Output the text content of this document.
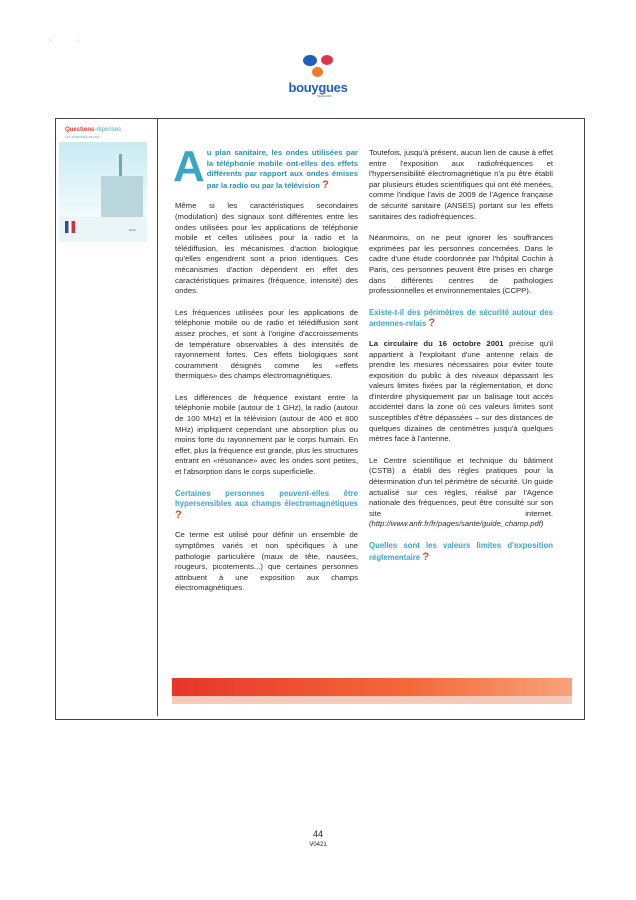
'	'
bouygues
TELECOM
Questions-réponses
LES ANTENNES-RELAIS
2012
A u plan sanitaire, les ondes utilisées par la téléphonie mobile ont-elles des effets différents par rapport aux ondes émises par la radio ou par la télévision ?

Même si les caractéristiques secondaires (modulation) des signaux sont différentes entre les ondes utilisées pour les applications de téléphonie mobile et celles utilisées pour la radio et la télédiffusion, les mécanismes d'action biologique qu'elles engendrent sont a priori identiques. Ces mécanismes d'action dépendent en effet des caractéristiques primaires (fréquence, intensité) des ondes.

Les fréquences utilisées pour les applications de téléphonie mobile ou de radio et télédiffusion sont assez proches, et sont à l'origine d'accroissements de température observables à des intensités de rayonnement fortes. Ces effets biologiques sont couramment désignés comme les «effets thermiques» des champs électromagnétiques.

Les différences de fréquence existant entre la téléphonie mobile (autour de 1 GHz), la radio (autour de 100 MHz) et la télévision (autour de 400 et 800 MHz) impliquent cependant une absorption plus ou moins forte du rayonnement par le corps humain. En effet, plus la fréquence est grande, plus les structures entrant en «résonance» avec les ondes sont petites, et l'absorption dans le corps superficielle.

Certaines personnes peuvent-elles être hypersensibles aux champs électromagnétiques ?

Ce terme est utilisé pour définir un ensemble de symptômes variés et non spécifiques à une pathologie particulière (maux de tête, nausées, rougeurs, picotements...) que certaines personnes attribuent à une exposition aux champs électromagnétiques.

Toutefois, jusqu'à présent, aucun lien de cause à effet entre l'exposition aux radiofréquences et l'hypersensibilité électromagnétique n'a pu être établi par plusieurs études scientifiques qui ont été menées, comme l'indique l'avis de 2009 de l'Agence française de sécurité sanitaire (ANSES) portant sur les effets sanitaires des radiofréquences.

Néanmoins, on ne peut ignorer les souffrances exprimées par les personnes concernées. Dans le cadre d'une étude coordonnée par l'hôpital Cochin à Paris, ces personnes peuvent être prises en charge dans différents centres de pathologies professionnelles et environnementales (CCPP).

Existe-t-il des périmètres de sécurité autour des antennes-relais ?

La circulaire du 16 octobre 2001 précise qu'il appartient à l'exploitant d'une antenne relais de prendre les mesures nécessaires pour éviter toute exposition du public à des niveaux dépassant les valeurs limites fixées par la réglementation, et donc d'interdire physiquement par un balisage tout accès accidentel dans la zone où ces valeurs limites sont susceptibles d'être dépassées – sur des distances de quelques dizaines de centimètres jusqu'à quelques mètres face à l'antenne.

Le Centre scientifique et technique du bâtiment (CSTB) a établi des règles pratiques pour la détermination d'un tel périmètre de sécurité. Un guide actualisé sur ces règles, réalisé par l'Agence nationale des fréquences, peut être consulté sur son site internet. (http://www.anfr.fr/fr/pages/sante/guide_champ.pdf)

Quelles sont les valeurs limites d'exposition réglementaire ?
44
V0421
